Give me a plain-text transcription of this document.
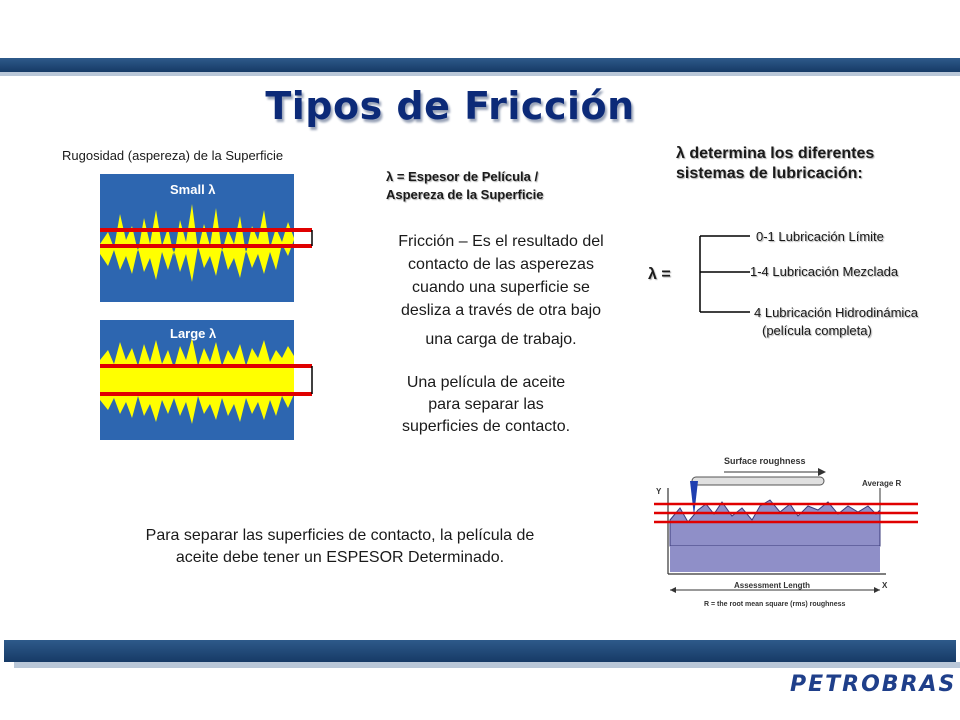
Tipos de Fricción
Rugosidad (aspereza) de la Superficie
Small λ
Large λ
λ = Espesor de Película /
Aspereza de la Superficie
Fricción – Es el resultado del
contacto de las asperezas
cuando una superficie se
desliza a través de otra bajo
una carga de trabajo.
Una película de aceite
para separar las
superficies de contacto.
λ determina los diferentes
sistemas de lubricación:
λ =
0-1 Lubricación Límite
1-4 Lubricación Mezclada
4 Lubricación Hidrodinámica
(película completa)
Surface roughness
Average R
Y
X
Assessment Length
R = the root mean square (rms) roughness
Para separar las superficies de contacto, la película de
aceite debe tener un ESPESOR Determinado.
PETROBRAS
